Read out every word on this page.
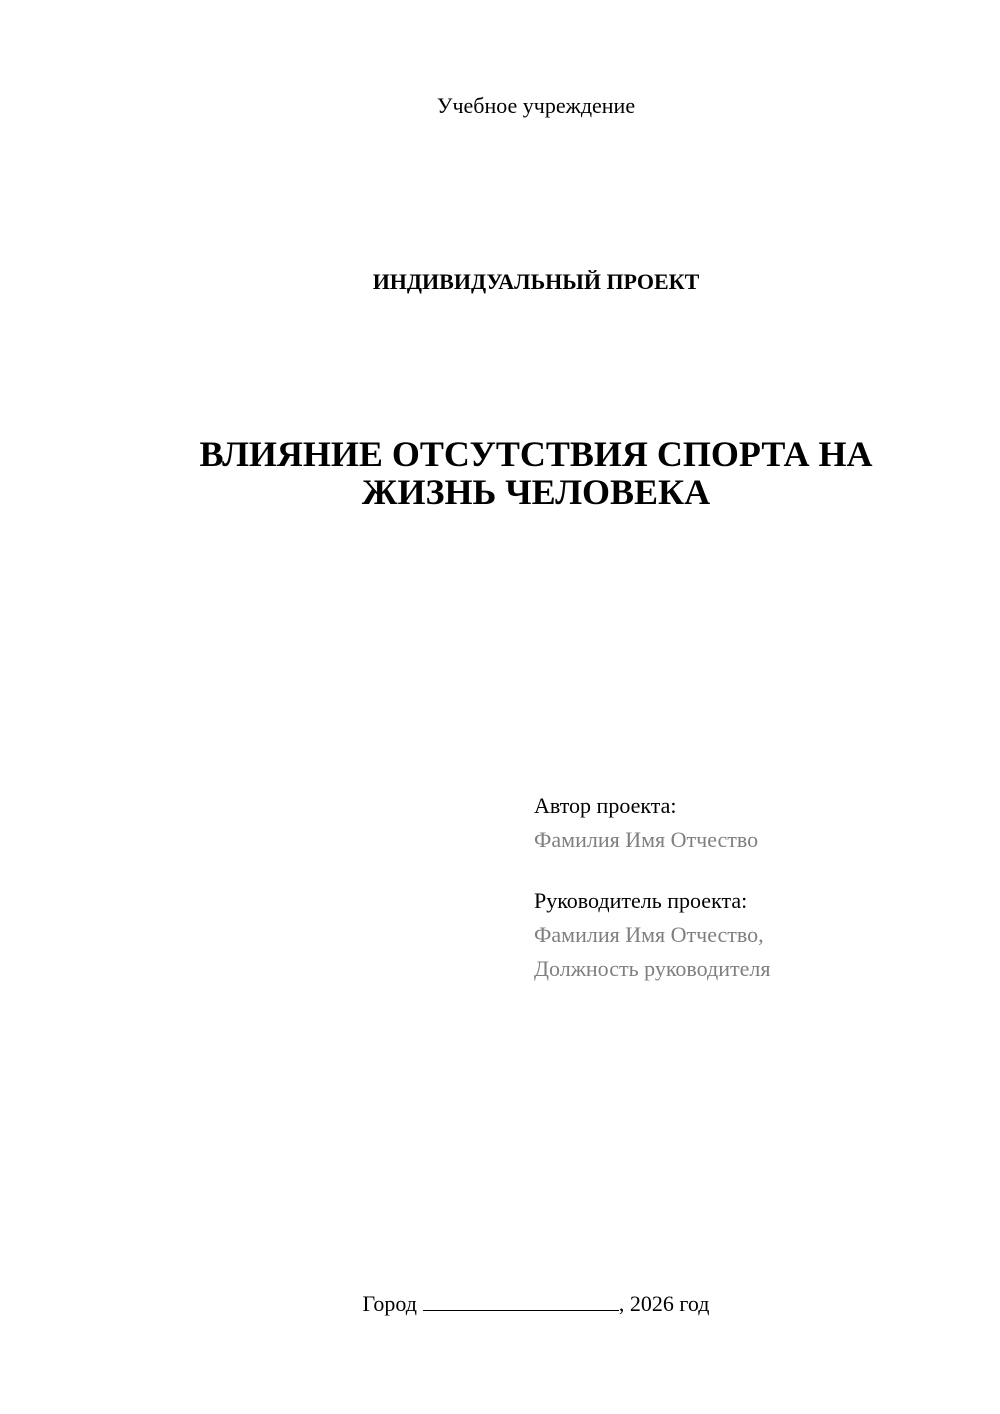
Учебное учреждение
ИНДИВИДУАЛЬНЫЙ ПРОЕКТ
ВЛИЯНИЕ ОТСУТСТВИЯ СПОРТА НА
ЖИЗНЬ ЧЕЛОВЕКА
Автор проекта:
Фамилия Имя Отчество
Руководитель проекта:
Фамилия Имя Отчество,
Должность руководителя
Город	, 2026 год
